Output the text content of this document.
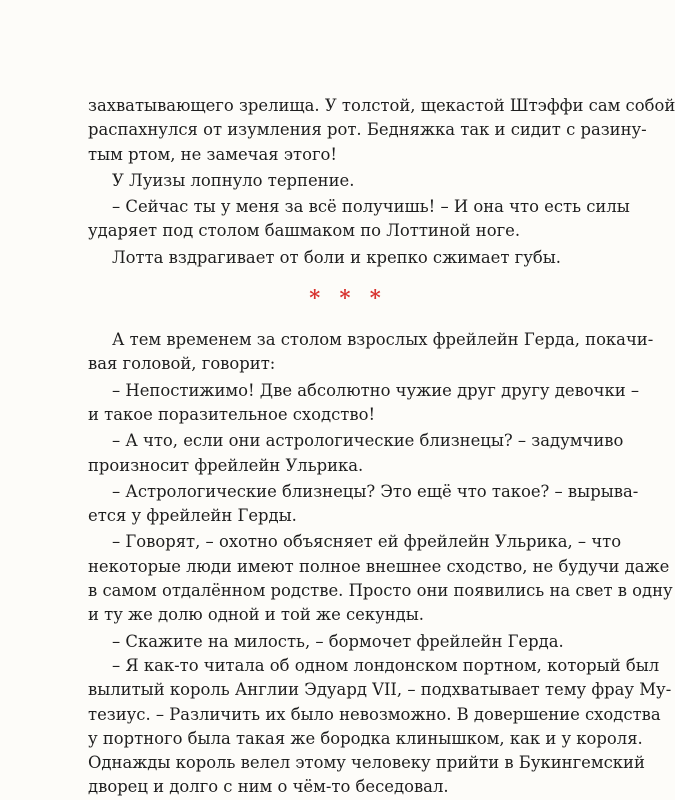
захватывающего зрелища. У толстой, щекастой Штэффи сам собой

распахнулся от изумления рот. Бедняжка так и сидит с разину-

тым ртом, не замечая этого!

У Луизы лопнуло терпение.

– Сейчас ты у меня за всё получишь! – И она что есть силы

ударяет под столом башмаком по Лоттиной ноге.

Лотта вздрагивает от боли и крепко сжимает губы.

* * *

А тем временем за столом взрослых фрейлейн Герда, покачи-

вая головой, говорит:

– Непостижимо! Две абсолютно чужие друг другу девочки –

и такое поразительное сходство!

– А что, если они астрологические близнецы? – задумчиво

произносит фрейлейн Ульрика.

– Астрологические близнецы? Это ещё что такое? – вырыва-

ется у фрейлейн Герды.

– Говорят, – охотно объясняет ей фрейлейн Ульрика, – что

некоторые люди имеют полное внешнее сходство, не будучи даже

в самом отдалённом родстве. Просто они появились на свет в одну

и ту же долю одной и той же секунды.

– Скажите на милость, – бормочет фрейлейн Герда.

– Я как-то читала об одном лондонском портном, который был

вылитый король Англии Эдуард VII, – подхватывает тему фрау Му-

тезиус. – Различить их было невозможно. В довершение сходства

у портного была такая же бородка клинышком, как и у короля.

Однажды король велел этому человеку прийти в Букингемский

дворец и долго с ним о чём-то беседовал.
